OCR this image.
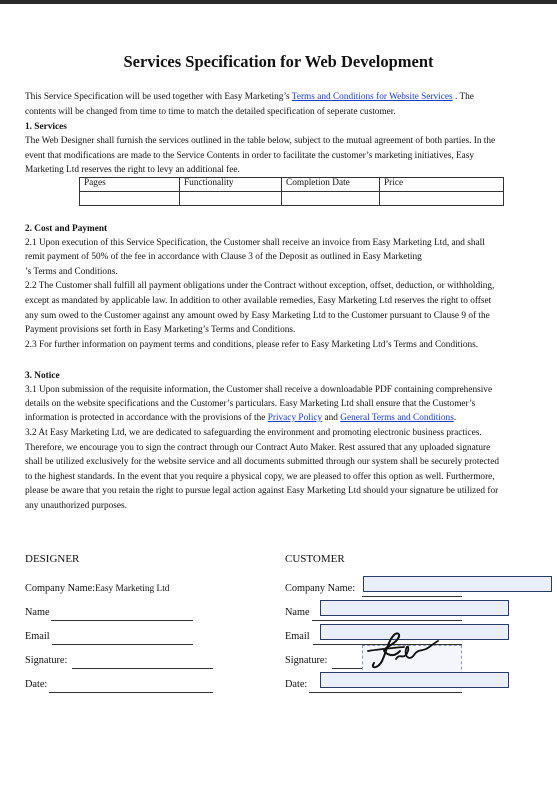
Services Specification for Web Development
This Service Specification will be used together with Easy Marketing’s Terms and Conditions for Website Services . The
contents will be changed from time to time to match the detailed specification of seperate customer.
1. Services
The Web Designer shall furnish the services outlined in the table below, subject to the mutual agreement of both parties. In the
event that modifications are made to the Service Contents in order to facilitate the customer’s marketing initiatives, Easy
Marketing Ltd reserves the right to levy an additional fee.
Pages	Functionality	Completion Date	Price

2. Cost and Payment
2.1 Upon execution of this Service Specification, the Customer shall receive an invoice from Easy Marketing Ltd, and shall
remit payment of 50% of the fee in accordance with Clause 3 of the Deposit as outlined in Easy Marketing
’s Terms and Conditions.
2.2 The Customer shall fulfill all payment obligations under the Contract without exception, offset, deduction, or withholding,
except as mandated by applicable law. In addition to other available remedies, Easy Marketing Ltd reserves the right to offset
any sum owed to the Customer against any amount owed by Easy Marketing Ltd to the Customer pursuant to Clause 9 of the
Payment provisions set forth in Easy Marketing’s Terms and Conditions.
2.3 For further information on payment terms and conditions, please refer to Easy Marketing Ltd’s Terms and Conditions.
3. Notice
3.1 Upon submission of the requisite information, the Customer shall receive a downloadable PDF containing comprehensive
details on the website specifications and the Customer’s particulars. Easy Marketing Ltd shall ensure that the Customer’s
information is protected in accordance with the provisions of the Privacy Policy and General Terms and Conditions.
3.2 At Easy Marketing Ltd, we are dedicated to safeguarding the environment and promoting electronic business practices.
Therefore, we encourage you to sign the contract through our Contract Auto Maker. Rest assured that any uploaded signature
shall be utilized exclusively for the website service and all documents submitted through our system shall be securely protected
to the highest standards. In the event that you require a physical copy, we are pleased to offer this option as well. Furthermore,
please be aware that you retain the right to pursue legal action against Easy Marketing Ltd should your signature be utilized for
any unauthorized purposes.
DESIGNER
Company Name:Easy Marketing Ltd
Name
Email
Signature:
Date:
CUSTOMER
Company Name:
Name
Email
Signature:
Date:
